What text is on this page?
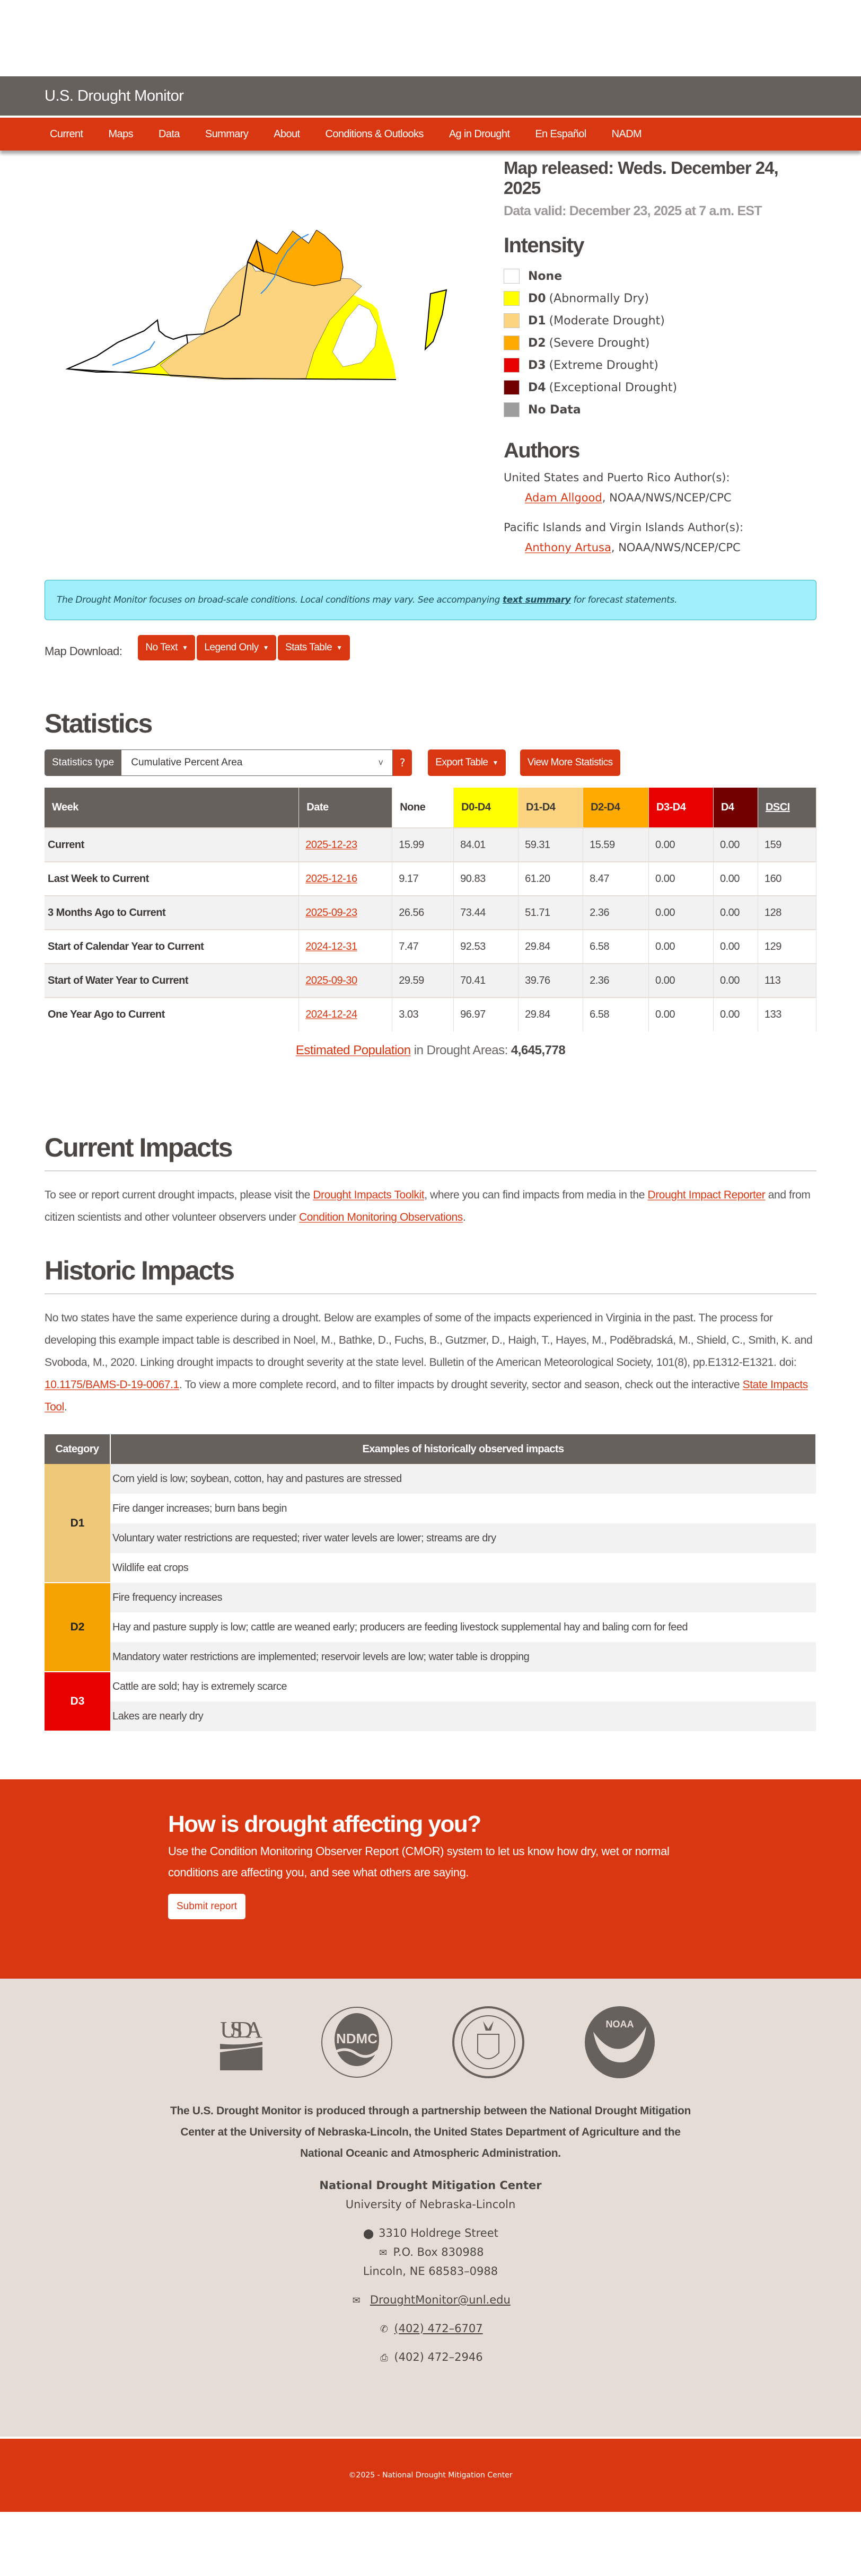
U.S. Drought Monitor
Current Maps Data Summary About Conditions & Outlooks Ag in Drought En Español NADM
Map released: Weds. December 24, 2025
Data valid: December 23, 2025 at 7 a.m. EST
Intensity
None
D0 (Abnormally Dry)
D1 (Moderate Drought)
D2 (Severe Drought)
D3 (Extreme Drought)
D4 (Exceptional Drought)
No Data
Authors
United States and Puerto Rico Author(s):
Adam Allgood, NOAA/NWS/NCEP/CPC
Pacific Islands and Virgin Islands Author(s):
Anthony Artusa, NOAA/NWS/NCEP/CPC
The Drought Monitor focuses on broad-scale conditions. Local conditions may vary. See accompanying
text summary
for forecast statements.
Map Download: No Text ▼ Legend Only ▼ Stats Table ▼
Statistics
Statistics type	Cumulative Percent Area	v	?	Export Table ▼	View More Statistics
Week	Date	None	D0-D4	D1-D4	D2-D4	D3-D4	D4	DSCI
Current	2025-12-23	15.99	84.01	59.31	15.59	0.00	0.00	159
Last Week to Current	2025-12-16	9.17	90.83	61.20	8.47	0.00	0.00	160
3 Months Ago to Current	2025-09-23	26.56	73.44	51.71	2.36	0.00	0.00	128
Start of Calendar Year to Current	2024-12-31	7.47	92.53	29.84	6.58	0.00	0.00	129
Start of Water Year to Current	2025-09-30	29.59	70.41	39.76	2.36	0.00	0.00	113
One Year Ago to Current	2024-12-24	3.03	96.97	29.84	6.58	0.00	0.00	133
Estimated Population in Drought Areas: 4,645,778
Current Impacts

To see or report current drought impacts, please visit the Drought Impacts Toolkit, where you can find impacts from media in the Drought Impact Reporter and from citizen scientists and other volunteer observers under Condition Monitoring Observations.

Historic Impacts

No two states have the same experience during a drought. Below are examples of some of the impacts experienced in Virginia in the past. The process for developing this example impact table is described in Noel, M., Bathke, D., Fuchs, B., Gutzmer, D., Haigh, T., Hayes, M., Poděbradská, M., Shield, C., Smith, K. and Svoboda, M., 2020. Linking drought impacts to drought severity at the state level. Bulletin of the American Meteorological Society, 101(8), pp.E1312-E1321. doi: 10.1175/BAMS-D-19-0067.1. To view a more complete record, and to filter impacts by drought severity, sector and season, check out the interactive State Impacts Tool.

Category	Examples of historically observed impacts
D1	Corn yield is low; soybean, cotton, hay and pastures are stressed
	Fire danger increases; burn bans begin
	Voluntary water restrictions are requested; river water levels are lower; streams are dry
	Wildlife eat crops
D2	Fire frequency increases
	Hay and pasture supply is low; cattle are weaned early; producers are feeding livestock supplemental hay and baling corn for feed
	Mandatory water restrictions are implemented; reservoir levels are low; water table is dropping
D3	Cattle are sold; hay is extremely scarce
	Lakes are nearly dry
How is drought affecting you?

Use the Condition Monitoring Observer Report (CMOR) system to let us know how dry, wet or normal conditions are affecting you, and see what others are saying.

Submit report
USDA	NDMC
NOAA

The U.S. Drought Monitor is produced through a partnership between the National Drought Mitigation Center at the University of Nebraska-Lincoln, the United States Department of Agriculture and the National Oceanic and Atmospheric Administration.

National Drought Mitigation Center
University of Nebraska-Lincoln
⬤ 3310 Holdrege Street
✉ P.O. Box 830988
Lincoln, NE 68583–0988
✉ DroughtMonitor@unl.edu
✆ (402) 472–6707
⎙ (402) 472–2946
©2025 - National Drought Mitigation Center
